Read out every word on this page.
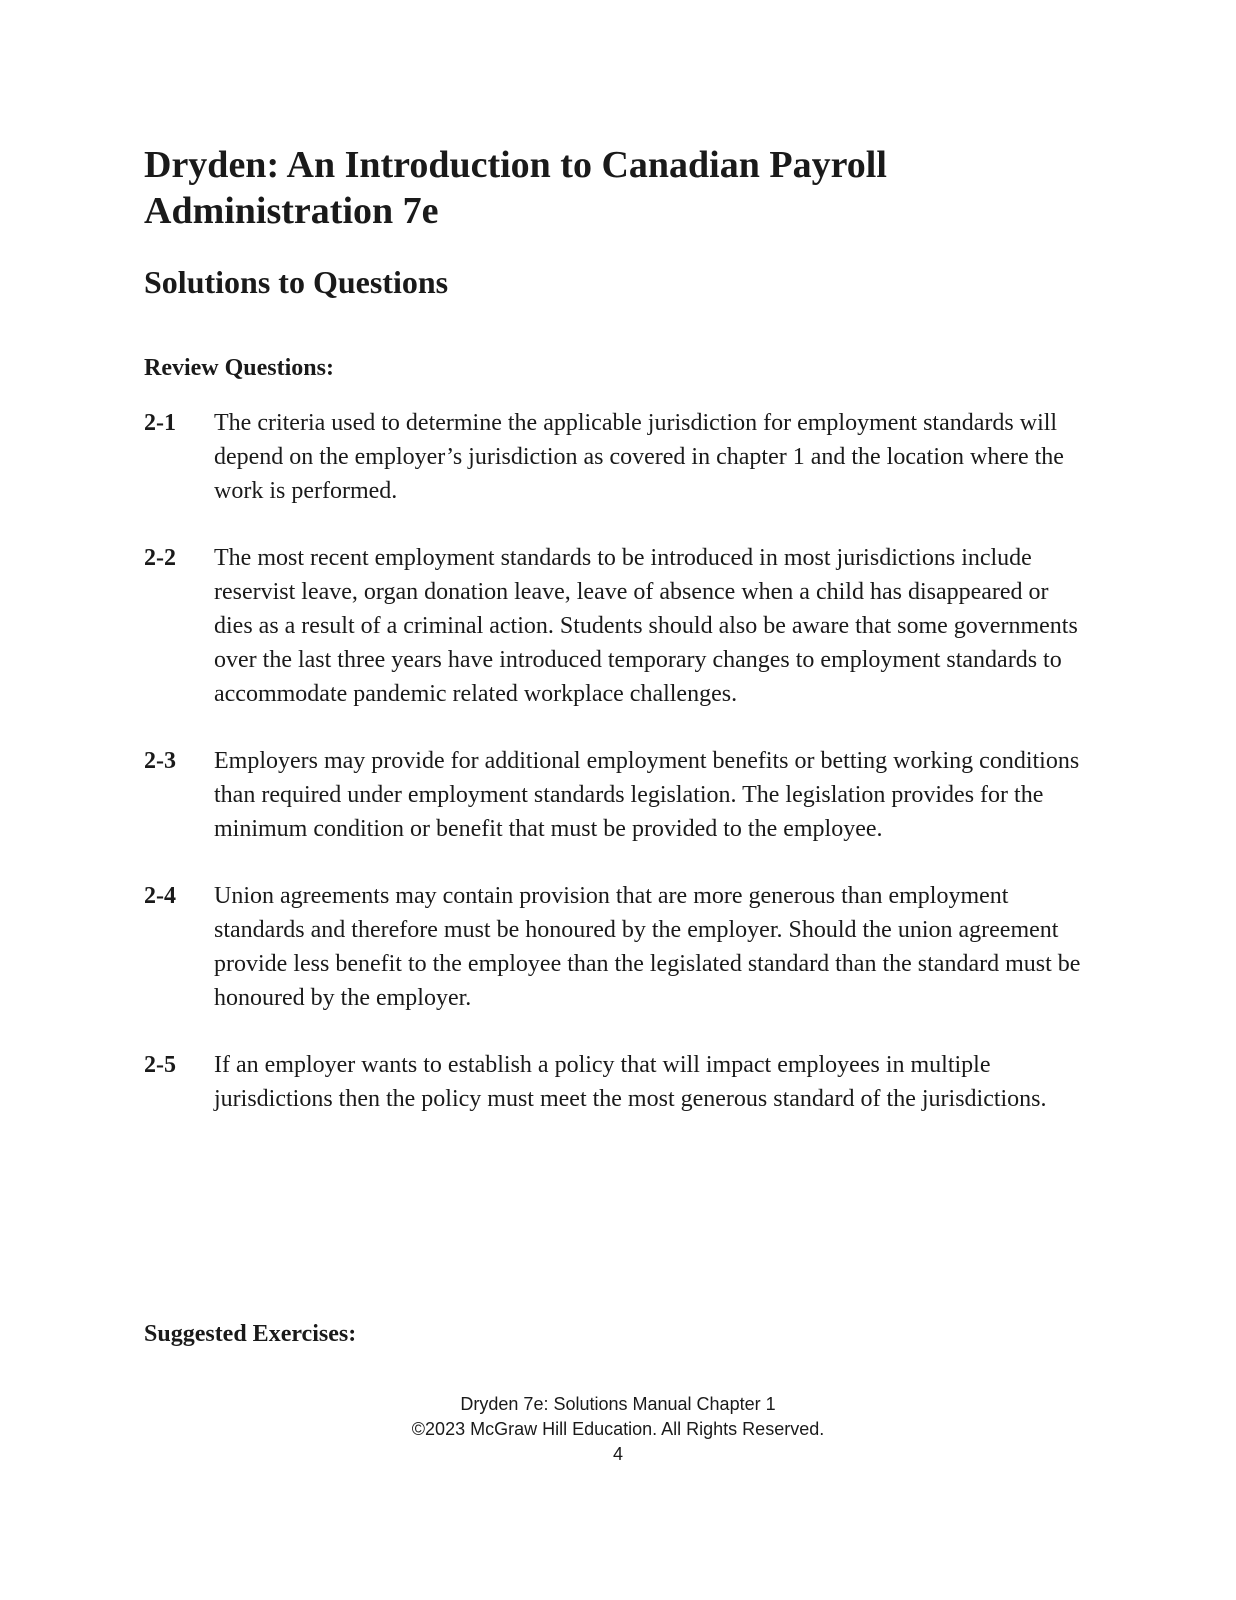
Dryden: An Introduction to Canadian Payroll Administration 7e
Solutions to Questions
Review Questions:
2-1 The criteria used to determine the applicable jurisdiction for employment standards will depend on the employer’s jurisdiction as covered in chapter 1 and the location where the work is performed.
2-2 The most recent employment standards to be introduced in most jurisdictions include reservist leave, organ donation leave, leave of absence when a child has disappeared or dies as a result of a criminal action. Students should also be aware that some governments over the last three years have introduced temporary changes to employment standards to accommodate pandemic related workplace challenges.
2-3 Employers may provide for additional employment benefits or betting working conditions than required under employment standards legislation. The legislation provides for the minimum condition or benefit that must be provided to the employee.
2-4 Union agreements may contain provision that are more generous than employment standards and therefore must be honoured by the employer. Should the union agreement provide less benefit to the employee than the legislated standard than the standard must be honoured by the employer.
2-5 If an employer wants to establish a policy that will impact employees in multiple jurisdictions then the policy must meet the most generous standard of the jurisdictions.
Suggested Exercises:
Dryden 7e: Solutions Manual Chapter 1
©2023 McGraw Hill Education. All Rights Reserved.
4
